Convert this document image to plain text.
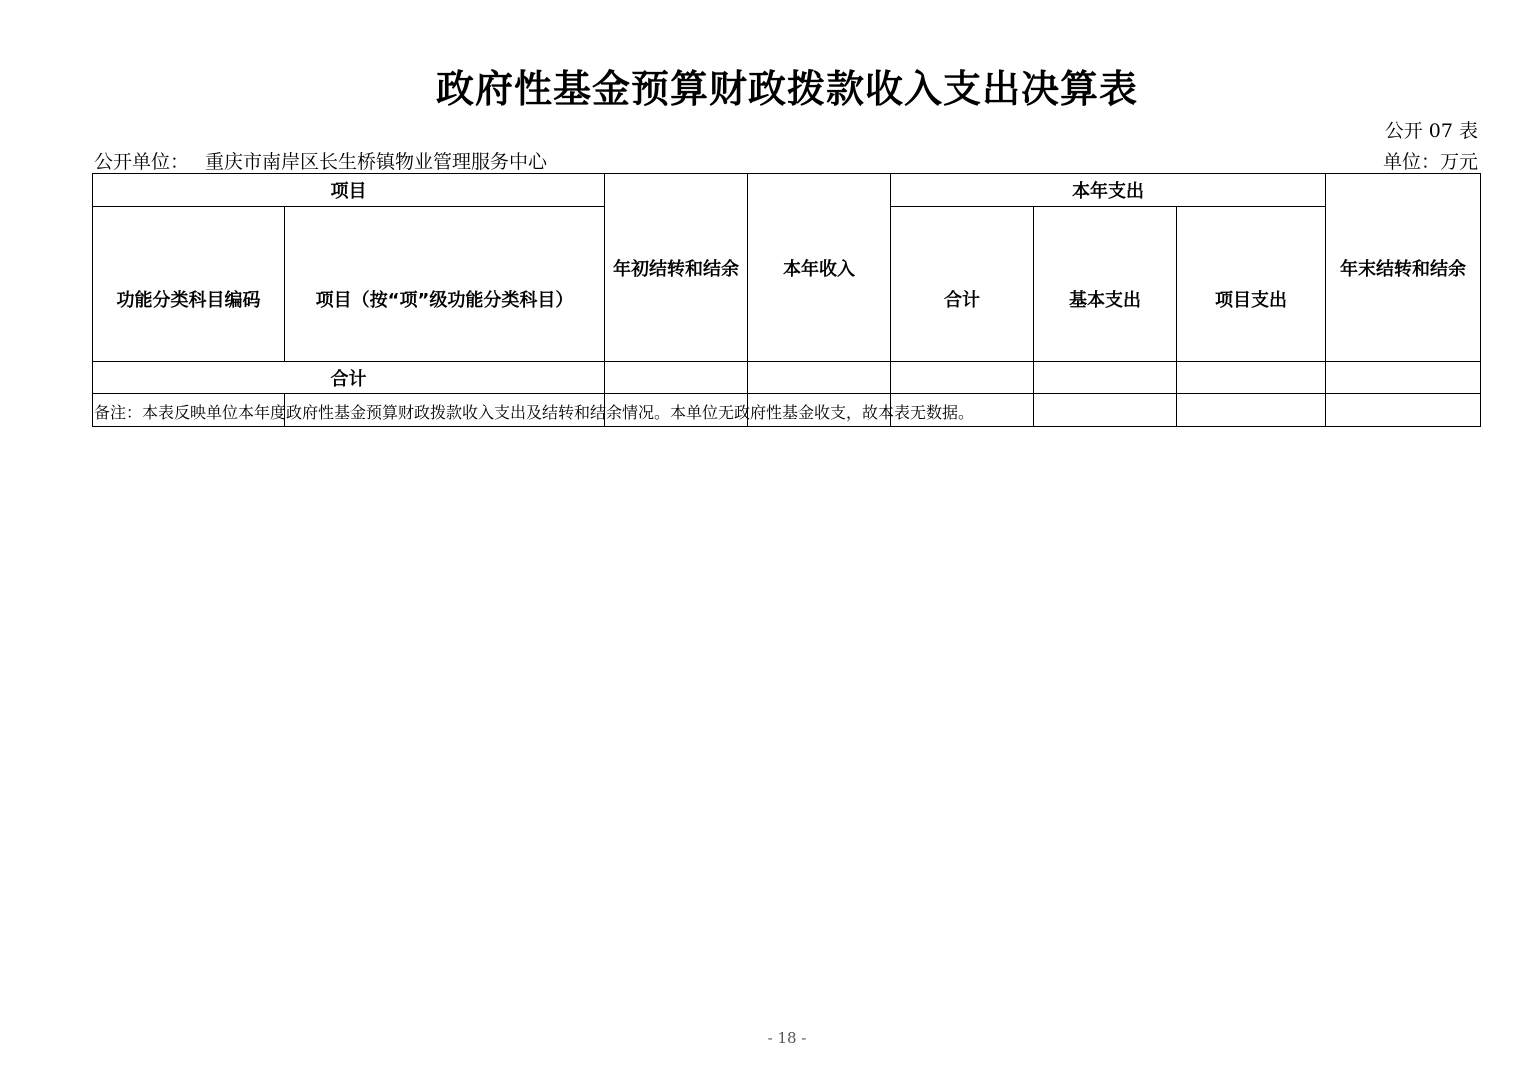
政府性基金预算财政拨款收入支出决算表
公开 07 表
公开单位： 重庆市南岸区长生桥镇物业管理服务中心	单位：万元
项目		年初结转和结余	本年收入	本年支出			年末结转和结余
功能分类科目编码	项目（按“项”级功能分类科目）			合计	基本支出	项目支出	
合计							

备注：本表反映单位本年度政府性基金预算财政拨款收入支出及结转和结余情况。本单位无政府性基金收支，故本表无数据。
- 18 -
